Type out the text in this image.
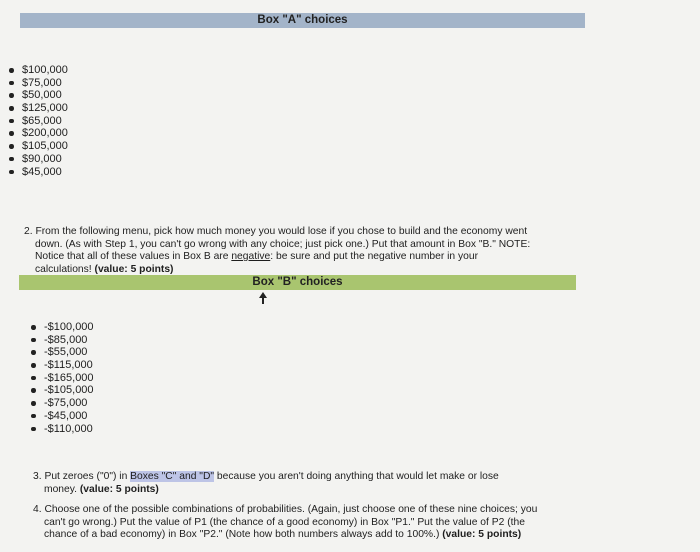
Box "A" choices
$100,000
$75,000
$50,000
$125,000
$65,000
$200,000
$105,000
$90,000
$45,000
2. From the following menu, pick how much money you would lose if you chose to build and the economy went
down. (As with Step 1, you can't go wrong with any choice; just pick one.) Put that amount in Box "B." NOTE:
Notice that all of these values in Box B are negative: be sure and put the negative number in your
calculations! (value: 5 points)
Box "B" choices
-$100,000
-$85,000
-$55,000
-$115,000
-$165,000
-$105,000
-$75,000
-$45,000
-$110,000
3. Put zeroes ("0") in Boxes "C" and "D" because you aren't doing anything that would let make or lose
money. (value: 5 points)
4. Choose one of the possible combinations of probabilities. (Again, just choose one of these nine choices; you
can't go wrong.) Put the value of P1 (the chance of a good economy) in Box "P1." Put the value of P2 (the
chance of a bad economy) in Box "P2." (Note how both numbers always add to 100%.) (value: 5 points)
